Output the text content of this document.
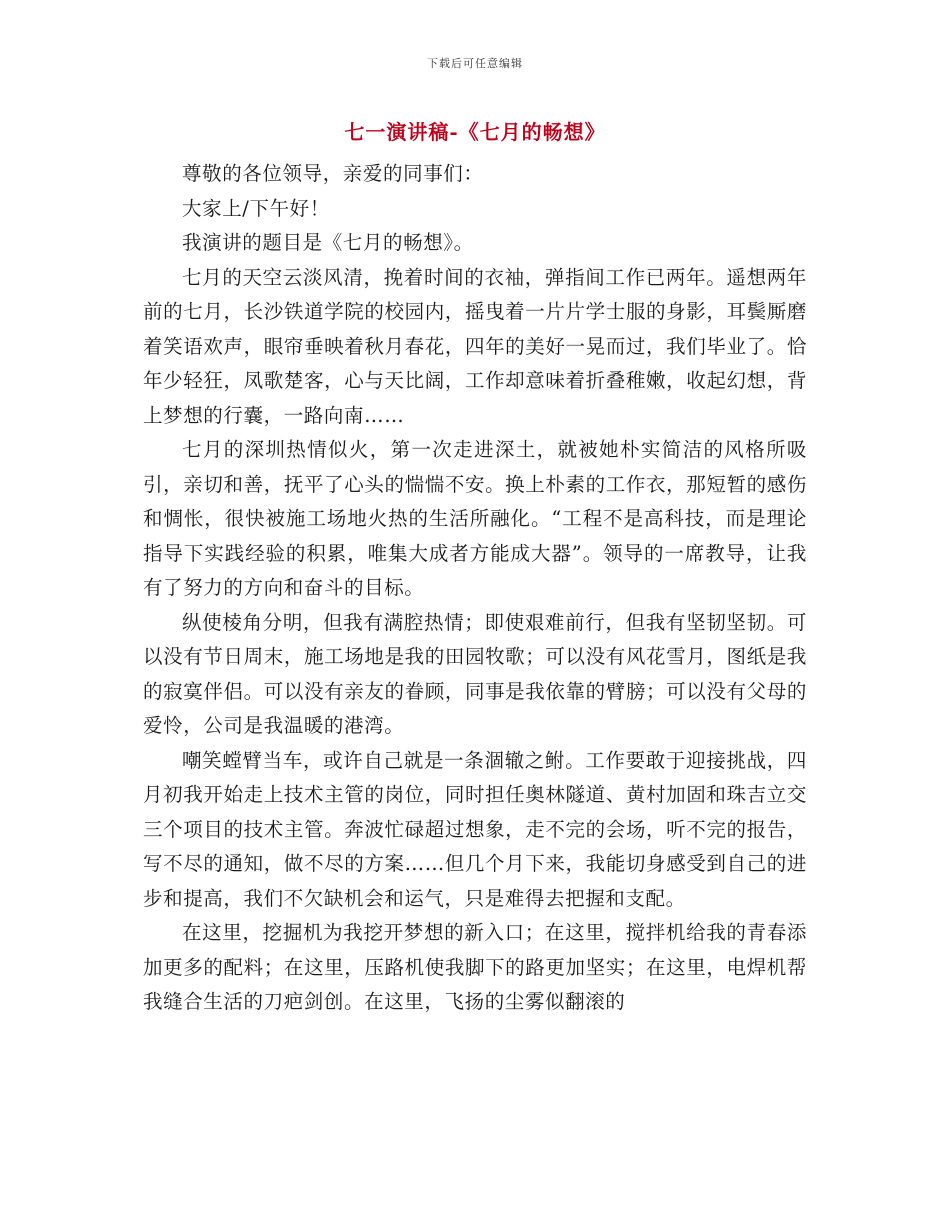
下载后可任意编辑
七一演讲稿-《七月的畅想》

尊敬的各位领导，亲爱的同事们：

大家上/下午好！

我演讲的题目是《七月的畅想》。

七月的天空云淡风清，挽着时间的衣袖，弹指间工作已两年。遥想两年前的七月，长沙铁道学院的校园内，摇曳着一片片学士服的身影，耳鬓厮磨着笑语欢声，眼帘垂映着秋月春花，四年的美好一晃而过，我们毕业了。恰年少轻狂，凤歌楚客，心与天比阔，工作却意味着折叠稚嫩，收起幻想，背上梦想的行囊，一路向南……

七月的深圳热情似火，第一次走进深土，就被她朴实简洁的风格所吸引，亲切和善，抚平了心头的惴惴不安。换上朴素的工作衣，那短暂的感伤和惆怅，很快被施工场地火热的生活所融化。“工程不是高科技，而是理论指导下实践经验的积累，唯集大成者方能成大器”。领导的一席教导，让我有了努力的方向和奋斗的目标。

纵使棱角分明，但我有满腔热情；即使艰难前行，但我有坚韧坚韧。可以没有节日周末，施工场地是我的田园牧歌；可以没有风花雪月，图纸是我的寂寞伴侣。可以没有亲友的眷顾，同事是我依靠的臂膀；可以没有父母的爱怜，公司是我温暖的港湾。

嘲笑螳臂当车，或许自己就是一条涸辙之鲋。工作要敢于迎接挑战，四月初我开始走上技术主管的岗位，同时担任奥林隧道、黄村加固和珠吉立交三个项目的技术主管。奔波忙碌超过想象，走不完的会场，听不完的报告，写不尽的通知，做不尽的方案……但几个月下来，我能切身感受到自己的进步和提高，我们不欠缺机会和运气，只是难得去把握和支配。

在这里，挖掘机为我挖开梦想的新入口；在这里，搅拌机给我的青春添加更多的配料；在这里，压路机使我脚下的路更加坚实；在这里，电焊机帮我缝合生活的刀疤剑创。在这里，飞扬的尘雾似翻滚的
